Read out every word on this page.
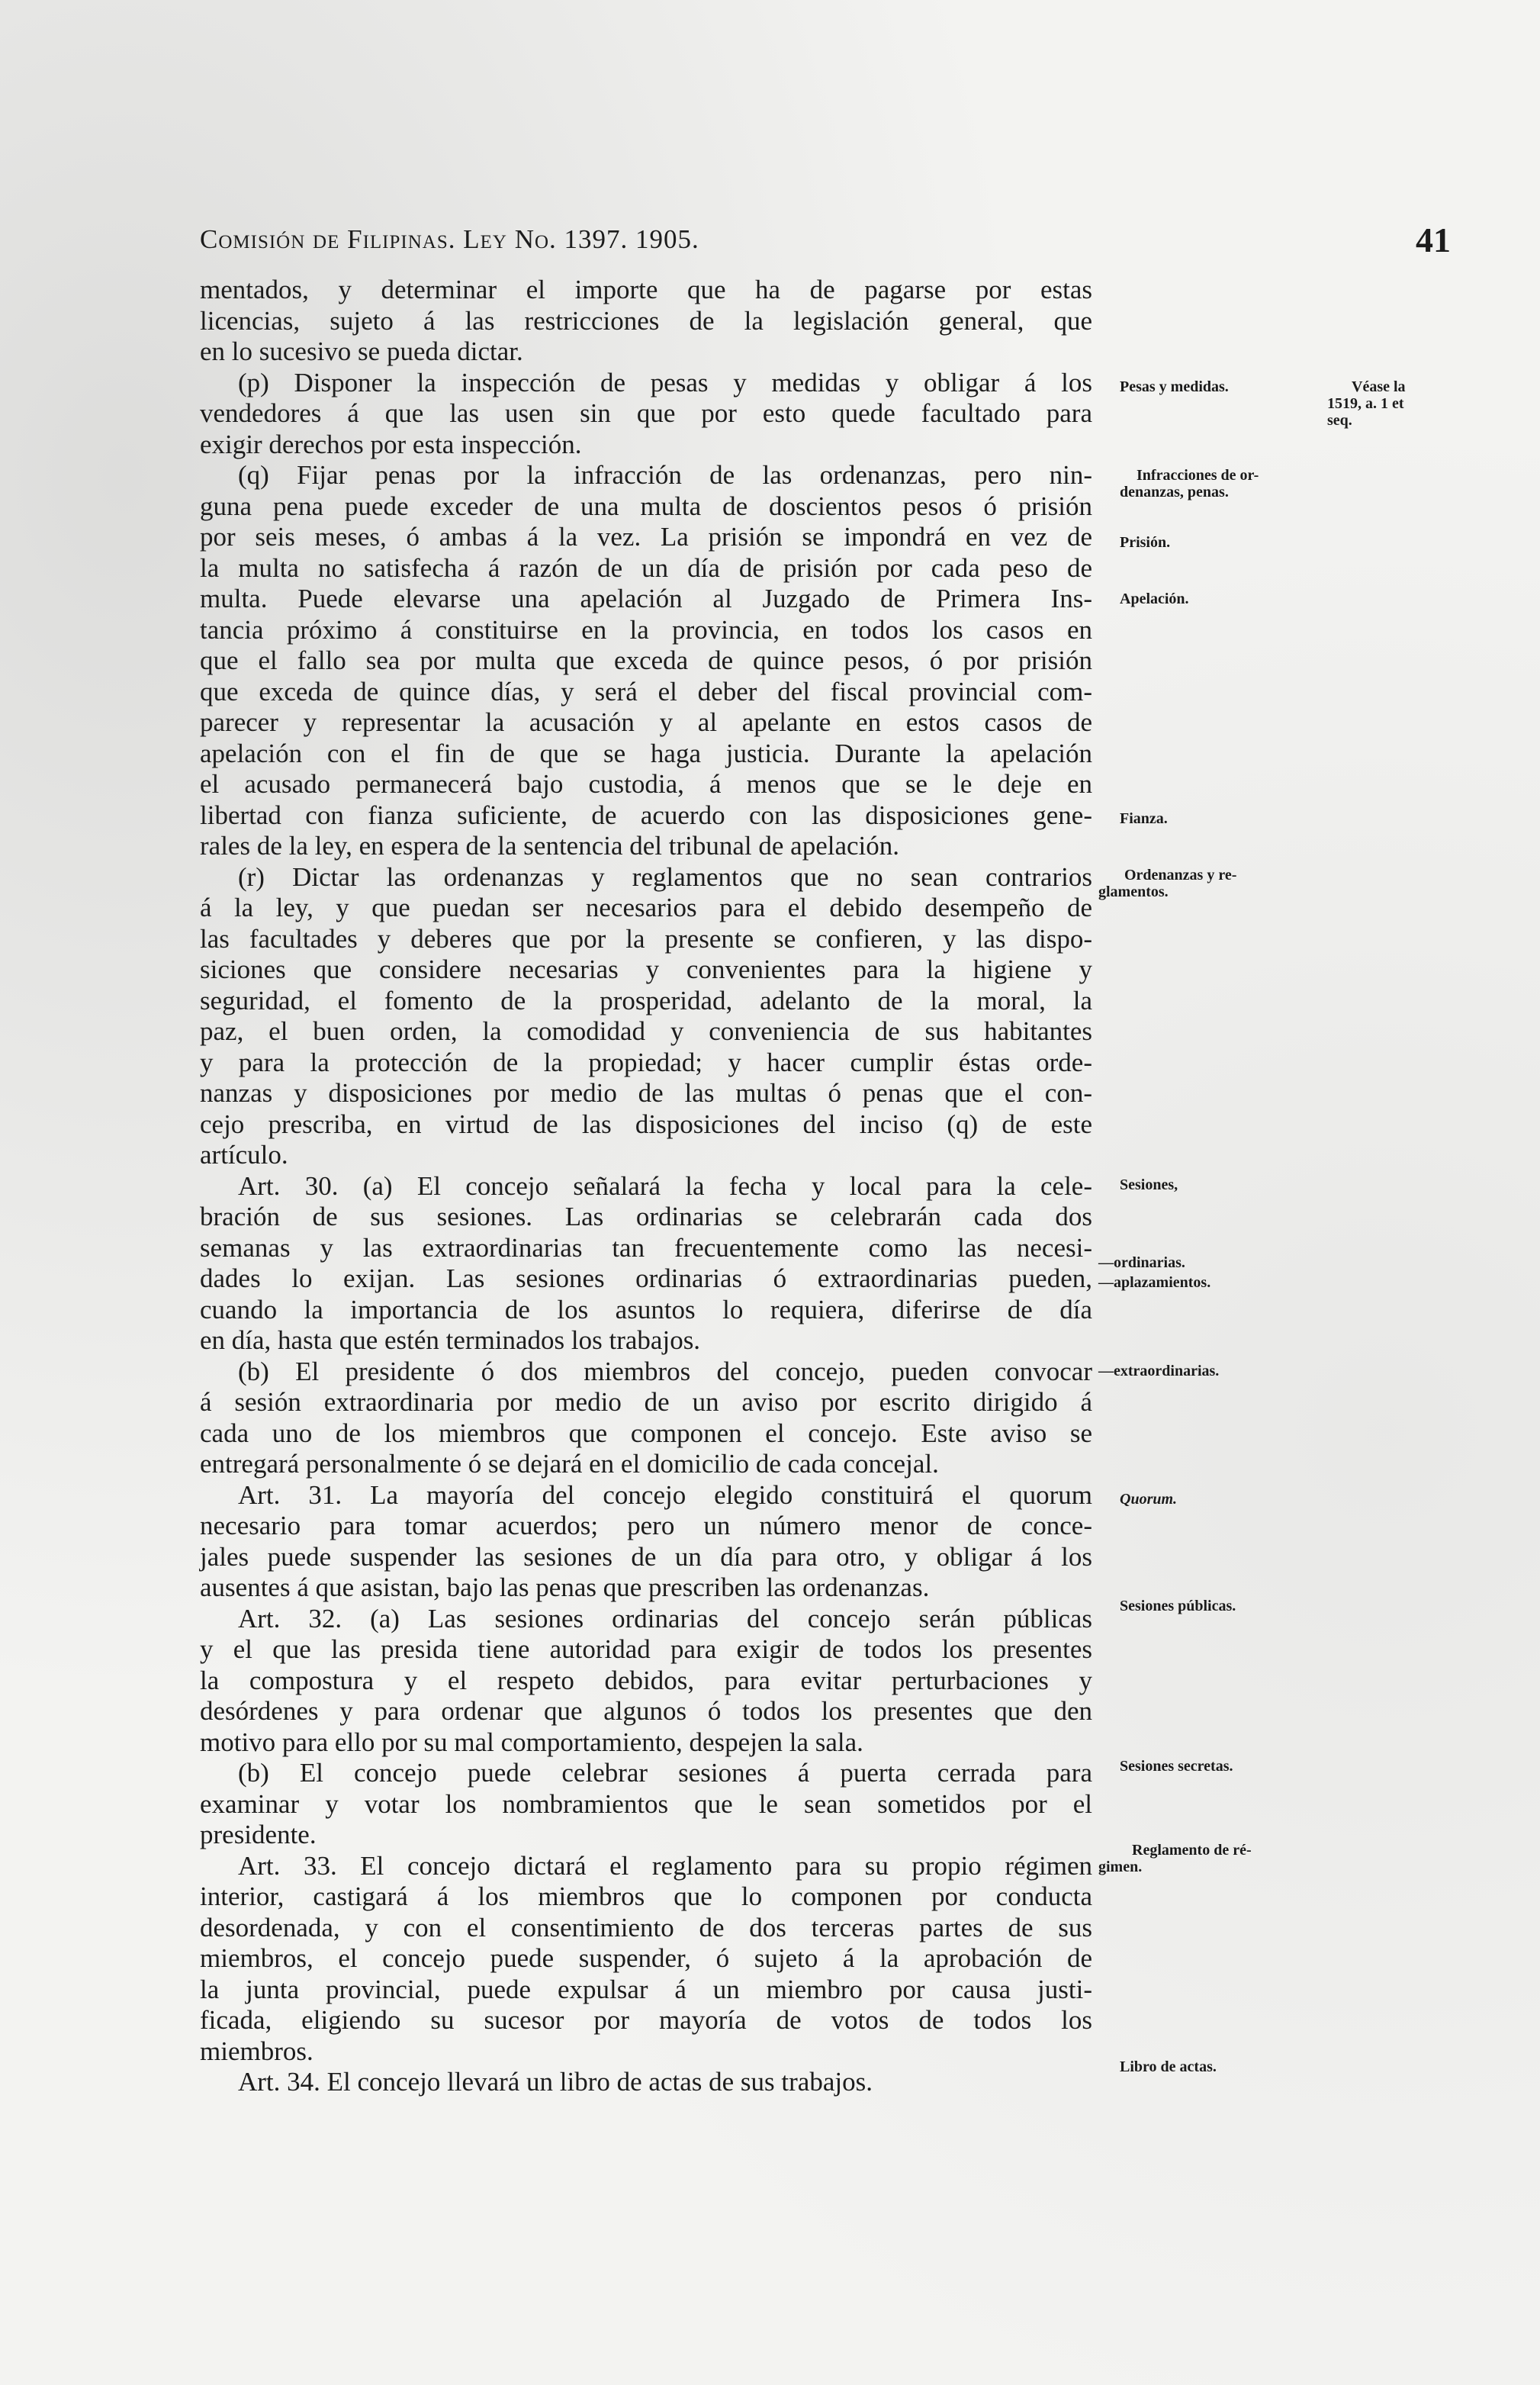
Comisión de Filipinas. Ley No. 1397. 1905.	41
mentados, y determinar el importe que ha de pagarse por estas
licencias, sujeto á las restricciones de la legislación general, que
en lo sucesivo se pueda dictar.
(p) Disponer la inspección de pesas y medidas y obligar á los
vendedores á que las usen sin que por esto quede facultado para
exigir derechos por esta inspección.
(q) Fijar penas por la infracción de las ordenanzas, pero nin-
guna pena puede exceder de una multa de doscientos pesos ó prisión
por seis meses, ó ambas á la vez. La prisión se impondrá en vez de
la multa no satisfecha á razón de un día de prisión por cada peso de
multa. Puede elevarse una apelación al Juzgado de Primera Ins-
tancia próximo á constituirse en la provincia, en todos los casos en
que el fallo sea por multa que exceda de quince pesos, ó por prisión
que exceda de quince días, y será el deber del fiscal provincial com-
parecer y representar la acusación y al apelante en estos casos de
apelación con el fin de que se haga justicia. Durante la apelación
el acusado permanecerá bajo custodia, á menos que se le deje en
libertad con fianza suficiente, de acuerdo con las disposiciones gene-
rales de la ley, en espera de la sentencia del tribunal de apelación.
(r) Dictar las ordenanzas y reglamentos que no sean contrarios
á la ley, y que puedan ser necesarios para el debido desempeño de
las facultades y deberes que por la presente se confieren, y las dispo-
siciones que considere necesarias y convenientes para la higiene y
seguridad, el fomento de la prosperidad, adelanto de la moral, la
paz, el buen orden, la comodidad y conveniencia de sus habitantes
y para la protección de la propiedad; y hacer cumplir éstas orde-
nanzas y disposiciones por medio de las multas ó penas que el con-
cejo prescriba, en virtud de las disposiciones del inciso (q) de este
artículo.
Art. 30. (a) El concejo señalará la fecha y local para la cele-
bración de sus sesiones. Las ordinarias se celebrarán cada dos
semanas y las extraordinarias tan frecuentemente como las necesi-
dades lo exijan. Las sesiones ordinarias ó extraordinarias pueden,
cuando la importancia de los asuntos lo requiera, diferirse de día
en día, hasta que estén terminados los trabajos.
(b) El presidente ó dos miembros del concejo, pueden convocar
á sesión extraordinaria por medio de un aviso por escrito dirigido á
cada uno de los miembros que componen el concejo. Este aviso se
entregará personalmente ó se dejará en el domicilio de cada concejal.
Art. 31. La mayoría del concejo elegido constituirá el quorum
necesario para tomar acuerdos; pero un número menor de conce-
jales puede suspender las sesiones de un día para otro, y obligar á los
ausentes á que asistan, bajo las penas que prescriben las ordenanzas.
Art. 32. (a) Las sesiones ordinarias del concejo serán públicas
y el que las presida tiene autoridad para exigir de todos los presentes
la compostura y el respeto debidos, para evitar perturbaciones y
desórdenes y para ordenar que algunos ó todos los presentes que den
motivo para ello por su mal comportamiento, despejen la sala.
(b) El concejo puede celebrar sesiones á puerta cerrada para
examinar y votar los nombramientos que le sean sometidos por el
presidente.
Art. 33. El concejo dictará el reglamento para su propio régimen
interior, castigará á los miembros que lo componen por conducta
desordenada, y con el consentimiento de dos terceras partes de sus
miembros, el concejo puede suspender, ó sujeto á la aprobación de
la junta provincial, puede expulsar á un miembro por causa justi-
ficada, eligiendo su sucesor por mayoría de votos de todos los
miembros.
Art. 34. El concejo llevará un libro de actas de sus trabajos.
Pesas y medidas.	Véase la
1519, a. 1 et
seq.
Infracciones de or-
denanzas, penas.
Prisión.
Apelación.
Fianza.
Ordenanzas y re-
glamentos.
Sesiones,
—ordinarias.
—aplazamientos.
—extraordinarias.
Quorum.
Sesiones públicas.
Sesiones secretas.
Reglamento de ré-
gimen.
Libro de actas.
